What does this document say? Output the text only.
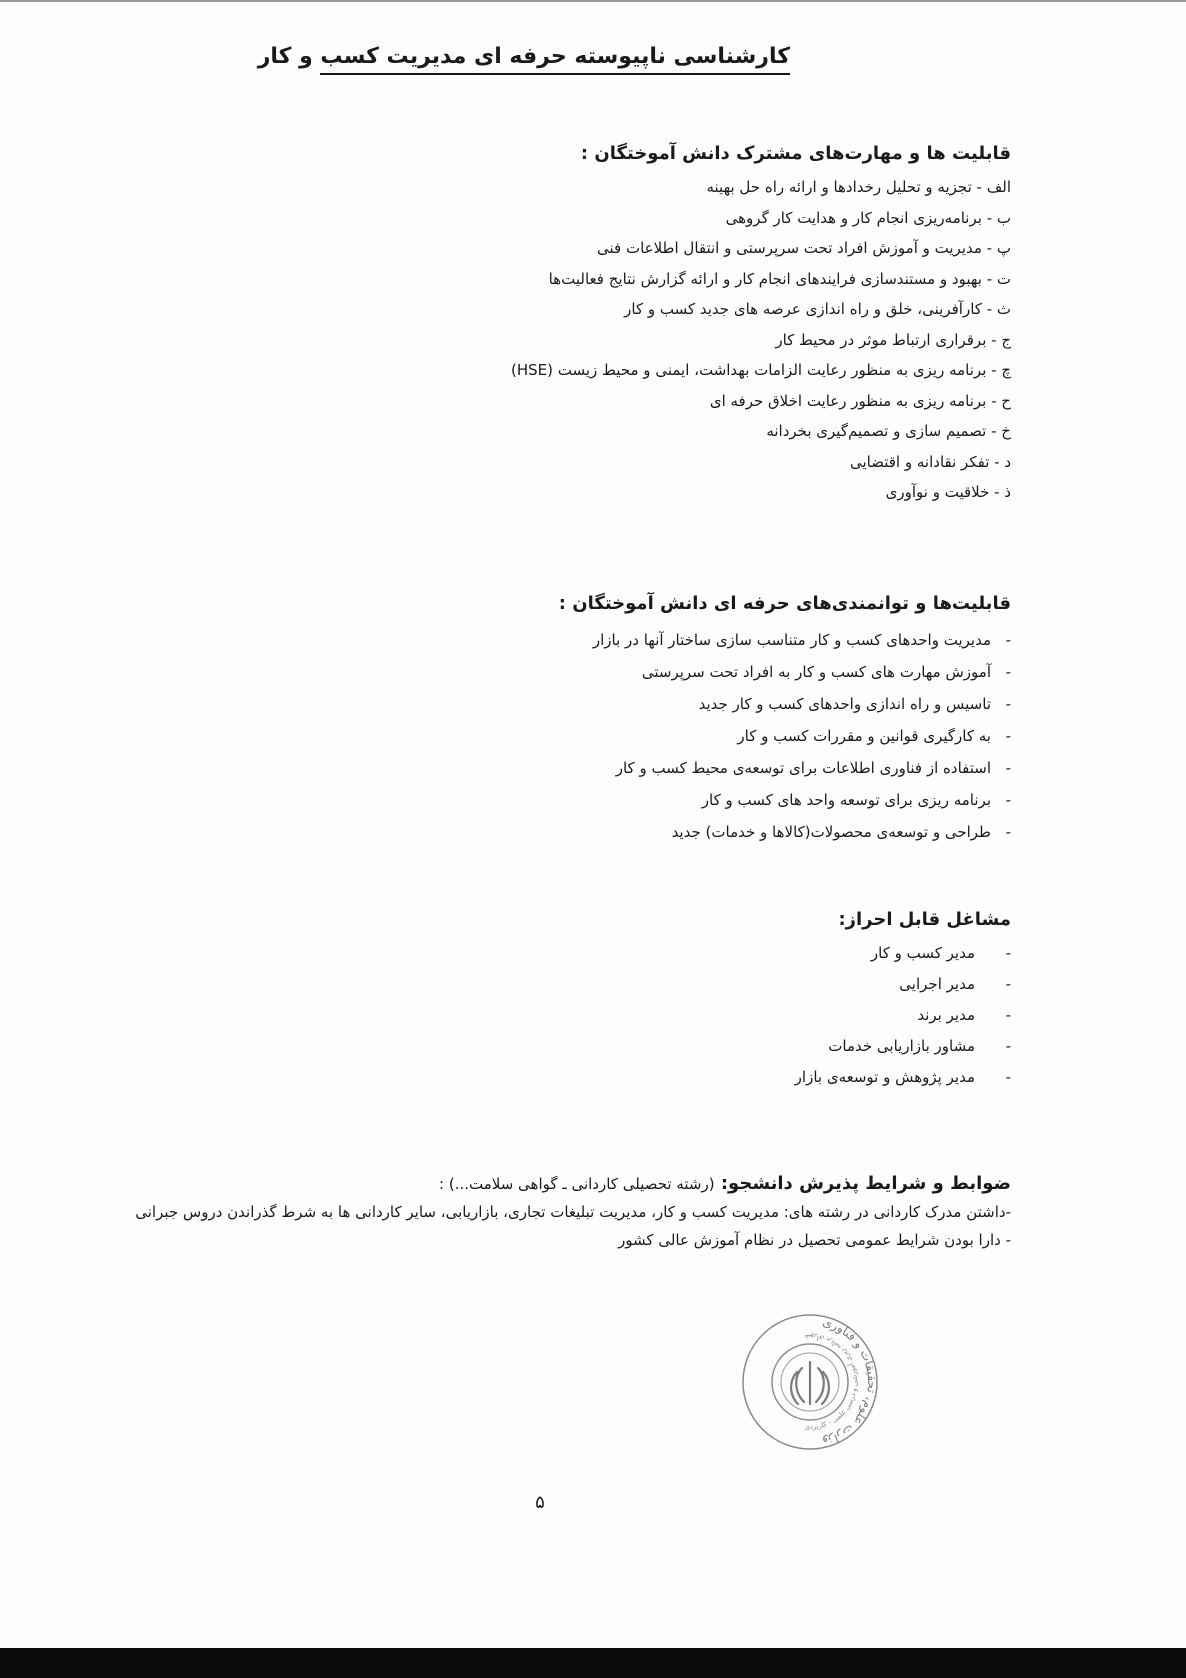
کارشناسی ناپیوسته حرفه ای مدیریت کسب و کار

قابلیت ها و مهارت‌های مشترک دانش آموختگان :

الف - تجزیه و تحلیل رخدادها و ارائه راه حل بهینه
ب - برنامه‌ریزی انجام کار و هدایت کار گروهی
پ - مدیریت و آموزش افراد تحت سرپرستی و انتقال اطلاعات فنی
ت - بهبود و مستندسازی فرایندهای انجام کار و ارائه گزارش نتایج فعالیت‌ها
ث - کارآفرینی، خلق و راه اندازی عرصه های جدید کسب و کار
ج - برقراری ارتباط موثر در محیط کار
چ - برنامه ریزی به منظور رعایت الزامات بهداشت، ایمنی و محیط زیست (HSE)
ح - برنامه ریزی به منظور رعایت اخلاق حرفه ای
خ - تصمیم سازی و تصمیم‌گیری بخردانه
د - تفکر نقادانه و اقتضایی
ذ - خلاقیت و نوآوری

قابلیت‌ها و توانمندی‌های حرفه ای دانش آموختگان :

- مدیریت واحدهای کسب و کار متناسب سازی ساختار آنها در بازار
- آموزش مهارت های کسب و کار به افراد تحت سرپرستی
- تاسیس و راه اندازی واحدهای کسب و کار جدید
- به کارگیری قوانین و مقررات کسب و کار
- استفاده از فناوری اطلاعات برای توسعه‌ی محیط کسب و کار
- برنامه ریزی برای توسعه واحد های کسب و کار
- طراحی و توسعه‌ی محصولات(کالاها و خدمات) جدید

مشاغل قابل احراز:

- مدیر کسب و کار
- مدیر اجرایی
- مدیر برند
- مشاور بازاریابی خدمات
- مدیر پژوهش و توسعه‌ی بازار

ضوابط و شرایط پذیرش دانشجو: (رشته تحصیلی کاردانی ـ گواهی سلامت...) :

-داشتن مدرک کاردانی در رشته های: مدیریت کسب و کار، مدیریت تبلیغات تجاری، بازاریابی، سایر کاردانی ها به شرط گذراندن دروس جبرانی
- دارا بودن شرایط عمومی تحصیل در نظام آموزش عالی کشور
وزارت علوم، تحقیقات و فناوری
شورای برنامه ریزی آموزشی و درسی علمی - کاربردی
۵
